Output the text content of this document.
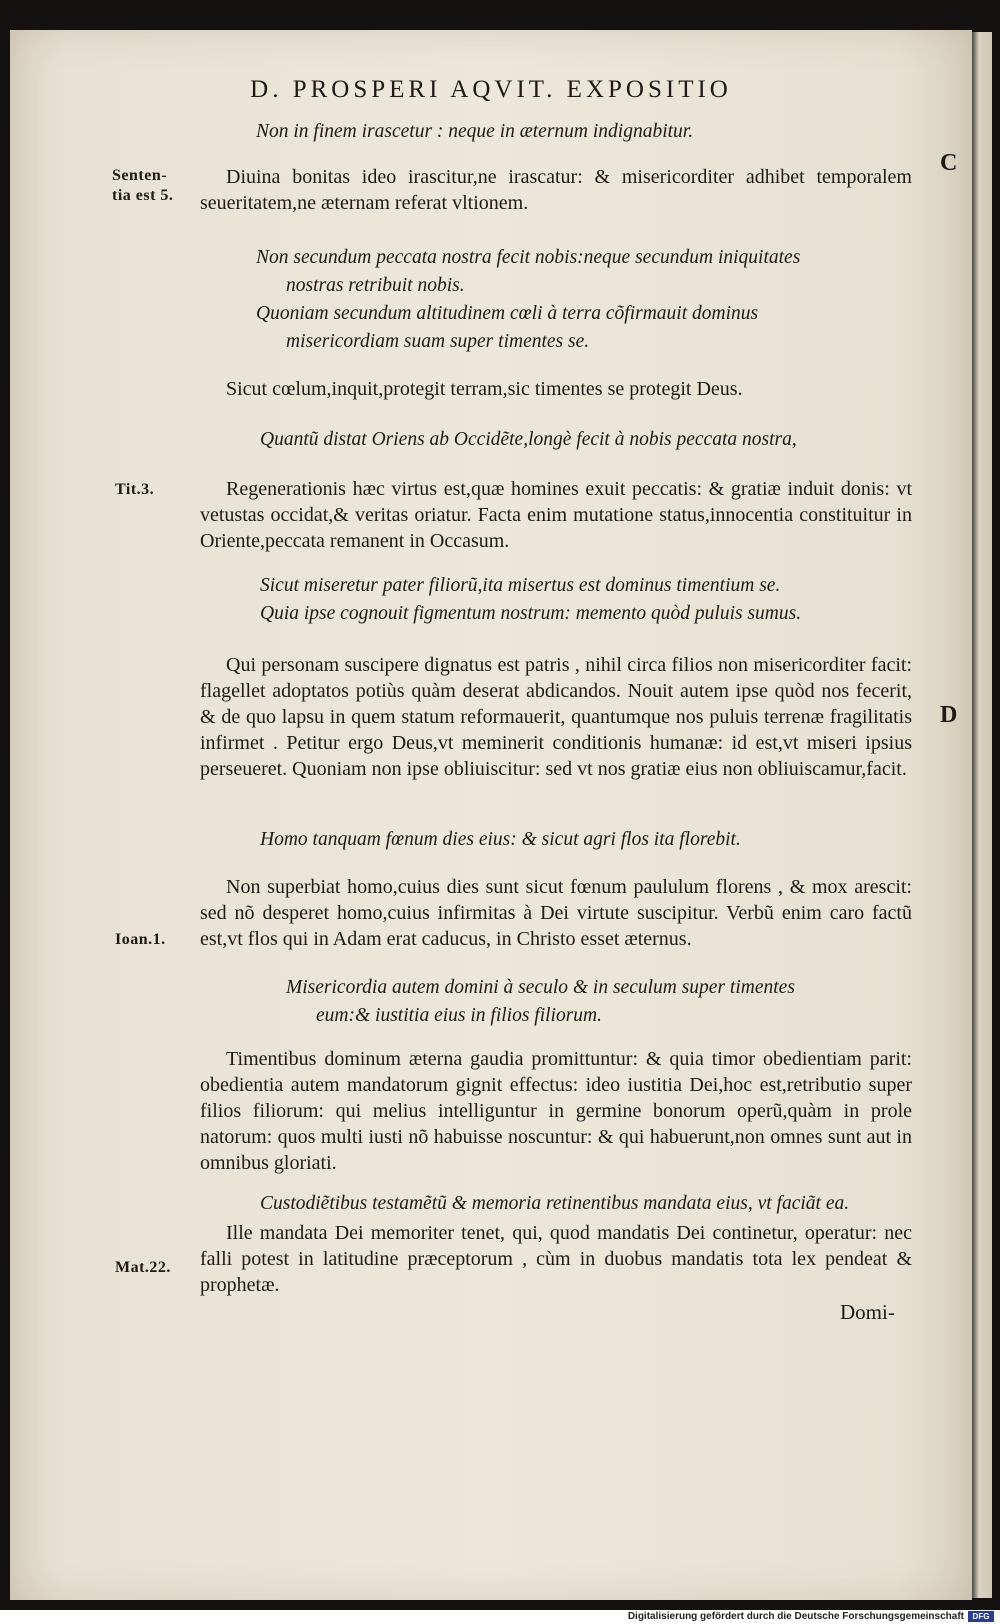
D. PROSPERI AQVIT. EXPOSITIO
C
D
Senten-
tia est 5.
Tit.3.
Ioan.1.
Mat.22.

Non in finem irascetur : neque in æternum indignabitur.

Diuina bonitas ideo irascitur,ne irascatur: & misericorditer adhibet temporalem seueritatem,ne æternam referat vltionem.

Non secundum peccata nostra fecit nobis:neque secundum iniquitates
nostras retribuit nobis.
Quoniam secundum altitudinem cœli à terra cõfirmauit dominus
misericordiam suam super timentes se.

Sicut cœlum,inquit,protegit terram,sic timentes se protegit Deus.

Quantũ distat Oriens ab Occidẽte,longè fecit à nobis peccata nostra,

Regenerationis hæc virtus est,quæ homines exuit peccatis: & gratiæ induit donis: vt vetustas occidat,& veritas oriatur. Facta enim mutatione status,innocentia constituitur in Oriente,peccata remanent in Occasum.

Sicut miseretur pater filiorũ,ita misertus est dominus timentium se.
Quia ipse cognouit figmentum nostrum: memento quòd puluis sumus.

Qui personam suscipere dignatus est patris , nihil circa filios non misericorditer facit: flagellet adoptatos potiùs quàm deserat abdicandos. Nouit autem ipse quòd nos fecerit, & de quo lapsu in quem statum reformauerit, quantumque nos puluis terrenæ fragilitatis infirmet . Petitur ergo Deus,vt meminerit conditionis humanæ: id est,vt miseri ipsius perseueret. Quoniam non ipse obliuiscitur: sed vt nos gratiæ eius non obliuiscamur,facit.

Homo tanquam fœnum dies eius: & sicut agri flos ita florebit.

Non superbiat homo,cuius dies sunt sicut fœnum paululum florens , & mox arescit: sed nõ desperet homo,cuius infirmitas à Dei virtute suscipitur. Verbũ enim caro factũ est,vt flos qui in Adam erat caducus, in Christo esset æternus.

Misericordia autem domini à seculo & in seculum super timentes
eum:& iustitia eius in filios filiorum.

Timentibus dominum æterna gaudia promittuntur: & quia timor obedientiam parit: obedientia autem mandatorum gignit effectus: ideo iustitia Dei,hoc est,retributio super filios filiorum: qui melius intelliguntur in germine bonorum operũ,quàm in prole natorum: quos multi iusti nõ habuisse noscuntur: & qui habuerunt,non omnes sunt aut in omnibus gloriati.

Custodiẽtibus testamẽtũ & memoria retinentibus mandata eius, vt faciãt ea.

Ille mandata Dei memoriter tenet, qui, quod mandatis Dei continetur, operatur: nec falli potest in latitudine præceptorum , cùm in duobus mandatis tota lex pendeat & prophetæ.

Domi-
Digitalisierung gefördert durch die Deutsche Forschungsgemeinschaft	DFG
